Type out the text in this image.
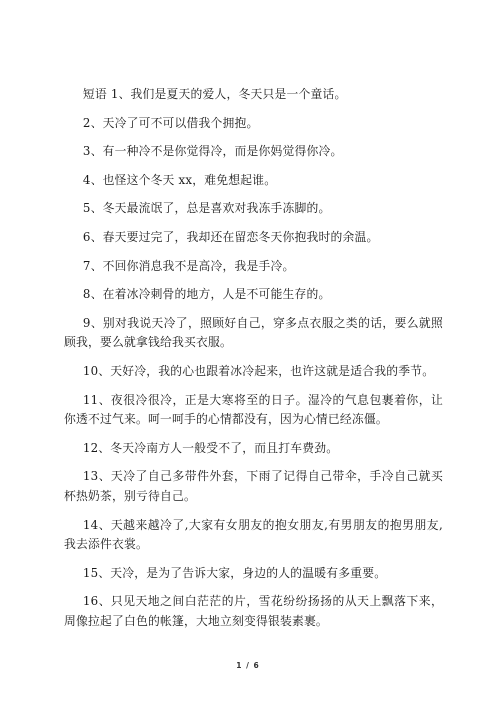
短语 1、我们是夏天的爱人，冬天只是一个童话。

2、天冷了可不可以借我个拥抱。

3、有一种冷不是你觉得冷，而是你妈觉得你冷。

4、也怪这个冬天 xx，难免想起谁。

5、冬天最流氓了，总是喜欢对我冻手冻脚的。

6、春天要过完了，我却还在留恋冬天你抱我时的余温。

7、不回你消息我不是高冷，我是手冷。

8、在着冰冷刺骨的地方，人是不可能生存的。

9、别对我说天冷了，照顾好自己，穿多点衣服之类的话，要么就照顾我，要么就拿钱给我买衣服。

10、天好冷，我的心也跟着冰冷起来，也许这就是适合我的季节。

11、夜很冷很冷，正是大寒将至的日子。湿冷的气息包裹着你，让你透不过气来。呵一呵手的心情都没有，因为心情已经冻僵。

12、冬天冷南方人一般受不了，而且打车费劲。

13、天冷了自己多带件外套，下雨了记得自己带伞，手冷自己就买杯热奶茶，别亏待自己。

14、天越来越冷了,大家有女朋友的抱女朋友,有男朋友的抱男朋友,我去添件衣裳。

15、天冷，是为了告诉大家，身边的人的温暖有多重要。

16、只见天地之间白茫茫的片，雪花纷纷扬扬的从天上飘落下来，周像拉起了白色的帐篷，大地立刻变得银装素裹。

1 / 6
